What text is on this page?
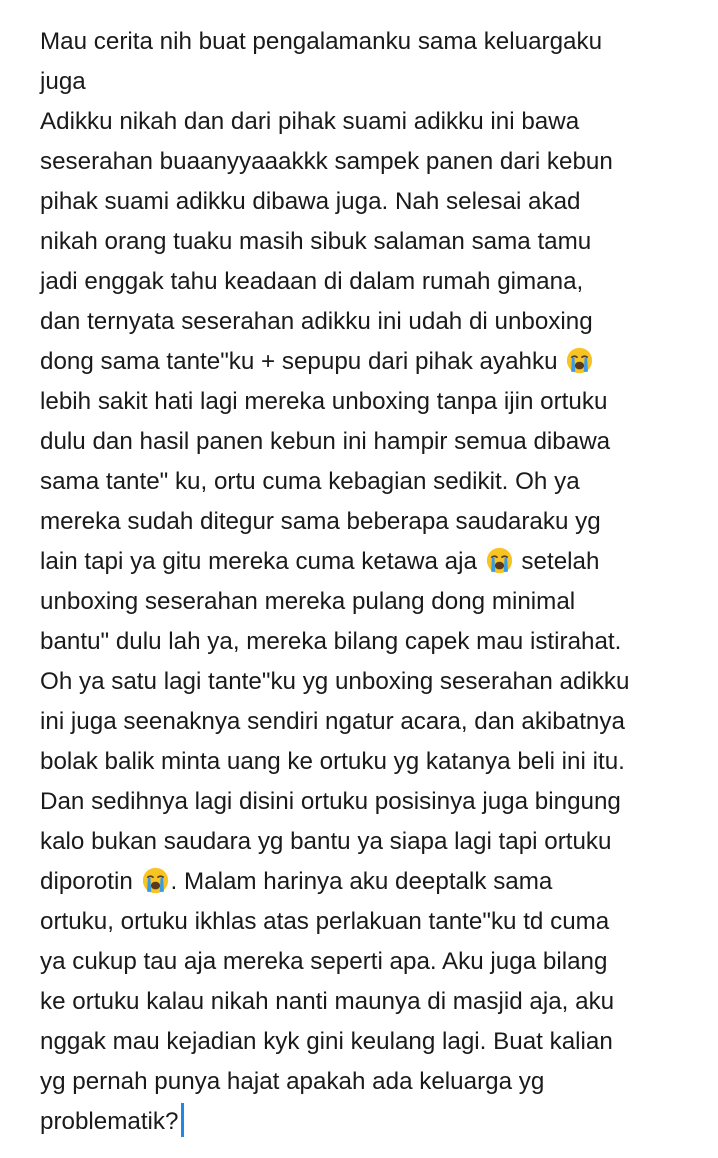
Mau cerita nih buat pengalamanku sama keluargaku
juga
Adikku nikah dan dari pihak suami adikku ini bawa
seserahan buaanyyaaakkk sampek panen dari kebun
pihak suami adikku dibawa juga. Nah selesai akad
nikah orang tuaku masih sibuk salaman sama tamu
jadi enggak tahu keadaan di dalam rumah gimana,
dan ternyata seserahan adikku ini udah di unboxing
dong sama tante"ku + sepupu dari pihak ayahku
lebih sakit hati lagi mereka unboxing tanpa ijin ortuku
dulu dan hasil panen kebun ini hampir semua dibawa
sama tante" ku, ortu cuma kebagian sedikit. Oh ya
mereka sudah ditegur sama beberapa saudaraku yg
lain tapi ya gitu mereka cuma ketawa aja setelah
unboxing seserahan mereka pulang dong minimal
bantu" dulu lah ya, mereka bilang capek mau istirahat.
Oh ya satu lagi tante"ku yg unboxing seserahan adikku
ini juga seenaknya sendiri ngatur acara, dan akibatnya
bolak balik minta uang ke ortuku yg katanya beli ini itu.
Dan sedihnya lagi disini ortuku posisinya juga bingung
kalo bukan saudara yg bantu ya siapa lagi tapi ortuku
diporotin . Malam harinya aku deeptalk sama
ortuku, ortuku ikhlas atas perlakuan tante"ku td cuma
ya cukup tau aja mereka seperti apa. Aku juga bilang
ke ortuku kalau nikah nanti maunya di masjid aja, aku
nggak mau kejadian kyk gini keulang lagi. Buat kalian
yg pernah punya hajat apakah ada keluarga yg
problematik?
